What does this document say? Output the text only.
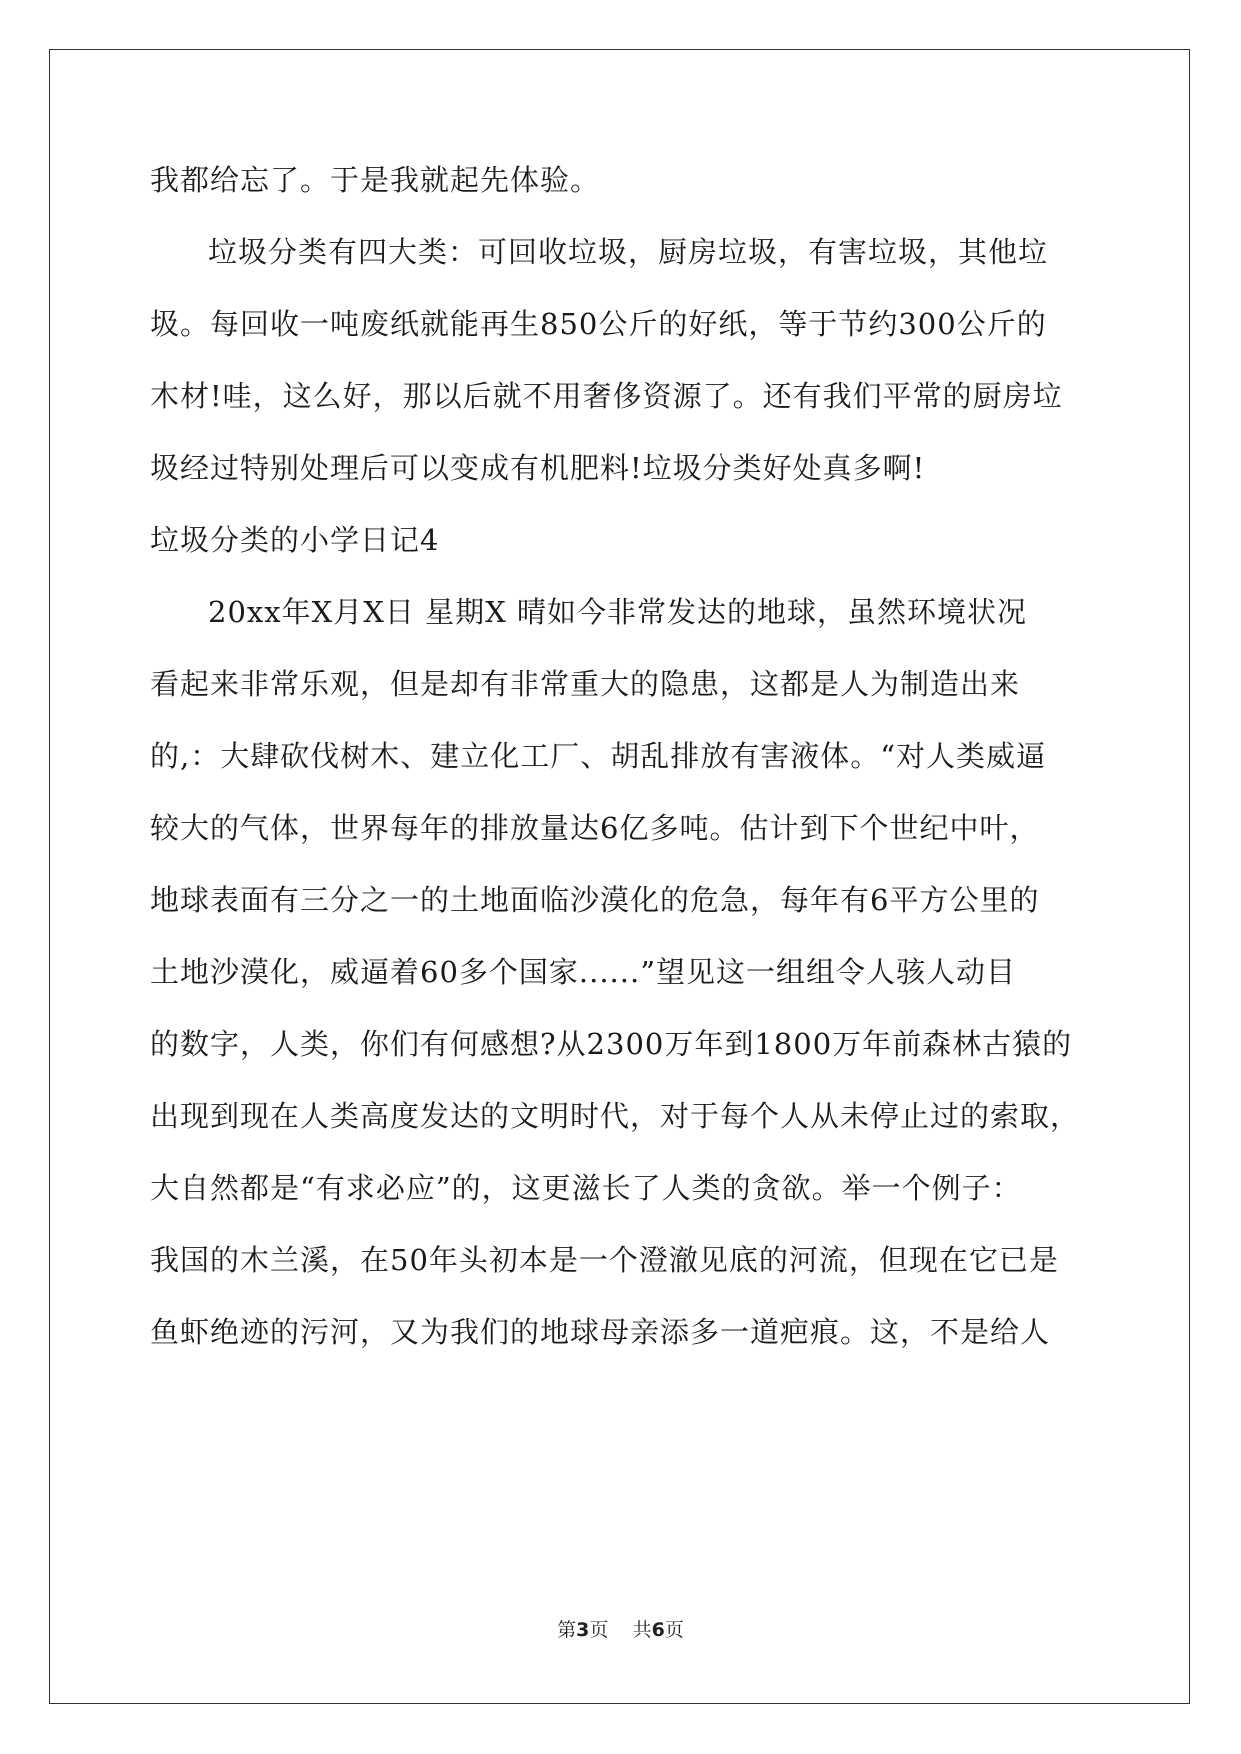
我都给忘了。于是我就起先体验。
垃圾分类有四大类：可回收垃圾，厨房垃圾，有害垃圾，其他垃
圾。每回收一吨废纸就能再生850公斤的好纸，等于节约300公斤的
木材!哇，这么好，那以后就不用奢侈资源了。还有我们平常的厨房垃
圾经过特别处理后可以变成有机肥料!垃圾分类好处真多啊!
垃圾分类的小学日记4
20xx年X月X日 星期X 晴如今非常发达的地球，虽然环境状况
看起来非常乐观，但是却有非常重大的隐患，这都是人为制造出来
的,：大肆砍伐树木、建立化工厂、胡乱排放有害液体。“对人类威逼
较大的气体，世界每年的排放量达6亿多吨。估计到下个世纪中叶，
地球表面有三分之一的土地面临沙漠化的危急，每年有6平方公里的
土地沙漠化，威逼着60多个国家......”望见这一组组令人骇人动目
的数字，人类，你们有何感想?从2300万年到1800万年前森林古猿的
出现到现在人类高度发达的文明时代，对于每个人从未停止过的索取，
大自然都是“有求必应”的，这更滋长了人类的贪欲。举一个例子：
我国的木兰溪，在50年头初本是一个澄澈见底的河流，但现在它已是
鱼虾绝迹的污河，又为我们的地球母亲添多一道疤痕。这，不是给人
第3页 共6页
